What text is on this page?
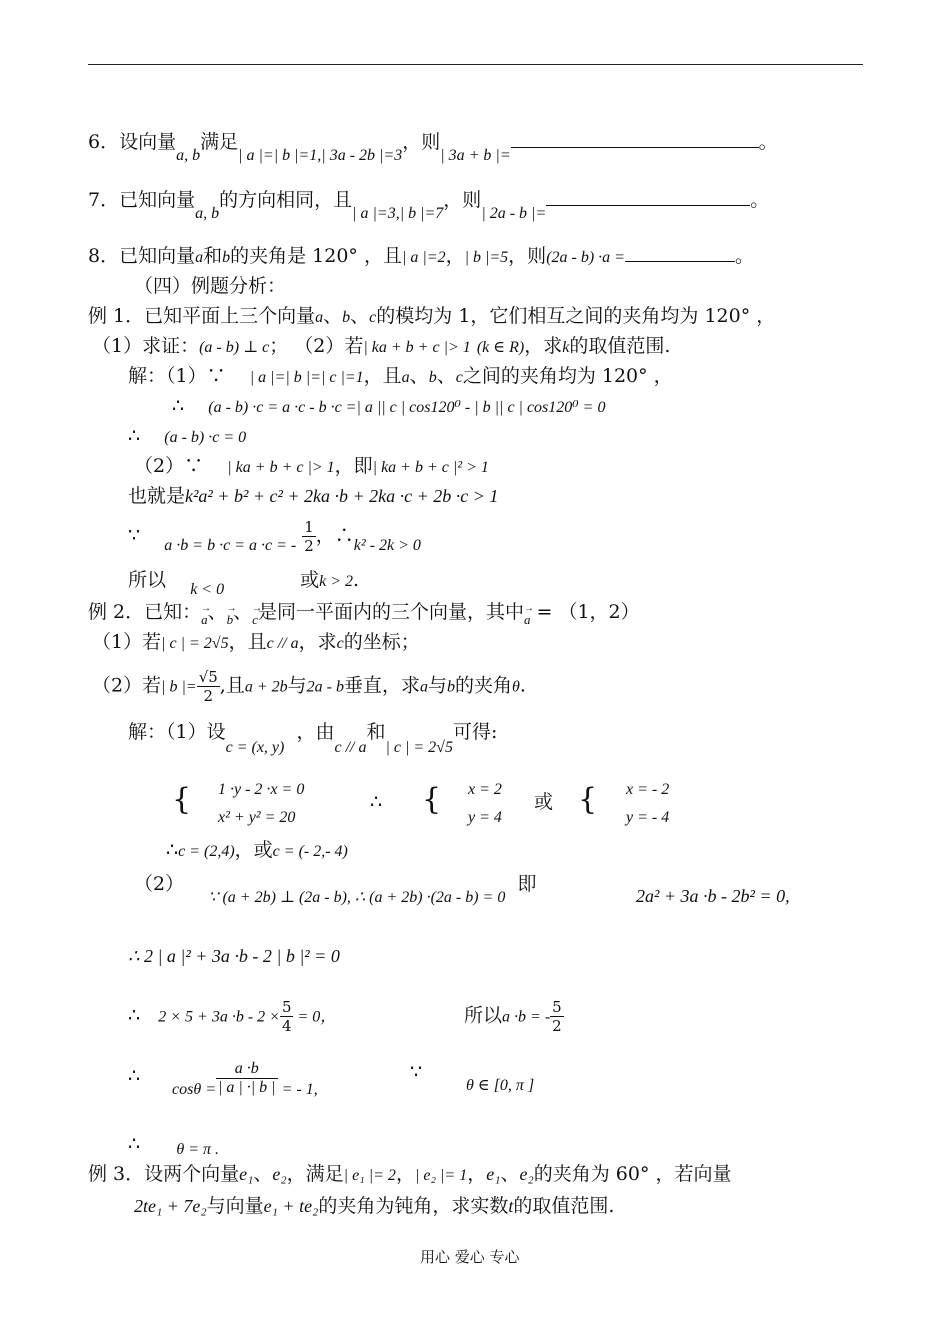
6．设向量$_{a, b}$满足$_{| a |=| b |=1,| 3a - 2b |=3}$，则$_{| 3a + b |=}$。
7．已知向量$_{a, b}$的方向相同，且$_{| a |=3,| b |=7}$，则$_{| 2a - b |=}$。
8．已知向量a和b的夹角是 120° ，且| a |=2，| b |=5，则(2a - b) ·a =	。
（四）例题分析：
例 1．已知平面上三个向量a、b、c的模均为 1，它们相互之间的夹角均为 120° ，
（1）求证：(a - b) ⊥ c； （2）若| ka + b + c |> 1 (k ∈ R)，求k的取值范围.
解：（1）∵ | a |=| b |=| c |=1，且a、b、c之间的夹角均为 120° ，
∴ (a - b) ·c = a ·c - b ·c =| a || c | cos120⁰ - | b || c | cos120⁰ = 0
∴ (a - b) ·c = 0
（2）∵ | ka + b + c |> 1，即| ka + b + c |² > 1
也就是k²a² + b² + c² + 2ka ·b + 2ka ·c + 2b ·c > 1
∵ $_{a \cdot b = b \cdot c = a \cdot c = -} \frac{1}{2}$ ，$\therefore_{k^2 - 2k > 0}$
所以 $_{k < 0}$	或k > 2.
例 2．已知：→ a、→ b、→ c是同一平面内的三个向量，其中→ a = （1，2）
（1）若| c | = 2√5，且c // a，求c的坐标；
（2）若| b |= $\frac{√5}{2}$ ,且a + 2b与2a - b垂直，求a与b的夹角θ.
解：（1）设$_{c = (x, y)}$  ，由$_{c // a}$和$_{| c | = 2√5}$可得:
{ 1 ·y - 2 ·x = 0
x² + y² = 20
∴ { x = 2
y = 4
或 { x = - 2
y = - 4
∴c = (2,4)，或c = (- 2,- 4)
（2）    $_{\because (a + 2b) \perp (2a - b), \therefore (a + 2b) \cdot(2a - b) = 0}$  即
2a² + 3a ·b - 2b² = 0,
∴ 2 | a |² + 3a ·b - 2 | b |² = 0
∴ $2 \times 5 + 3a \cdot b - 2 \times \frac{5}{4} = 0$，	所以a ·b = - $\frac{5}{2}$
∴
$_{cos\theta =} \frac{a \cdot b}{| a | \cdot| b |} _{= - 1,}$
∵
θ ∈ [0, π ]
∴ $_{\theta = \pi .}$
例 3．设两个向量e₁、e₂，满足| e₁ |= 2，| e₂ |= 1，e₁、e₂的夹角为 60° ，若向量
2te₁ + 7e₂与向量e₁ + te₂的夹角为钝角，求实数t的取值范围.
用心 爱心 专心
